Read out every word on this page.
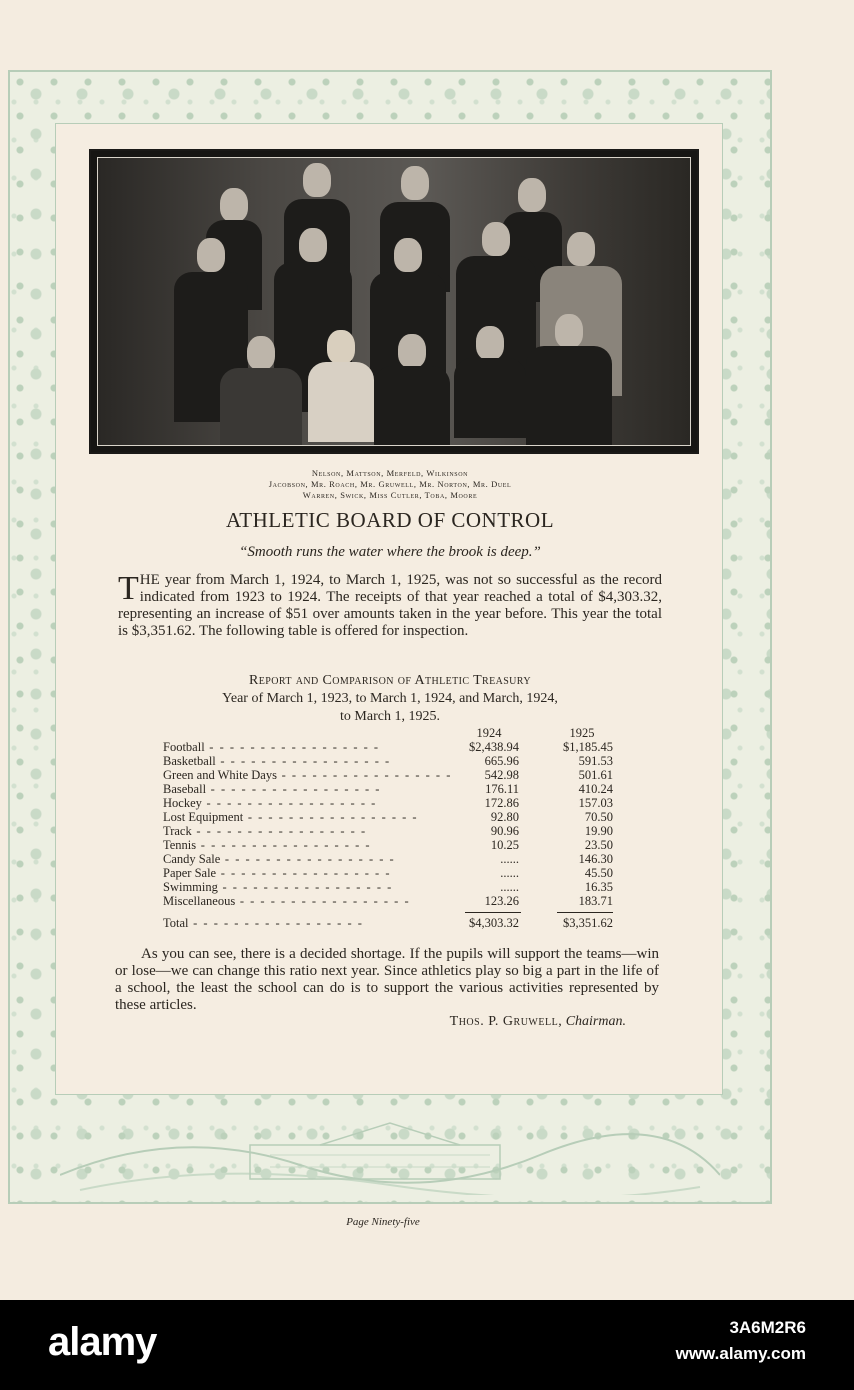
Nelson, Mattson, Merfeld, Wilkinson
Jacobson, Mr. Roach, Mr. Gruwell, Mr. Norton, Mr. Duel
Warren, Swick, Miss Cutler, Toba, Moore
ATHLETIC BOARD OF CONTROL
“Smooth runs the water where the brook is deep.”

THE year from March 1, 1924, to March 1, 1925, was not so successful as the record indicated from 1923 to 1924. The receipts of that year reached a total of $4,303.32, representing an increase of $51 over amounts taken in the year before. This year the total is $3,351.62. The following table is offered for inspection.

Report and Comparison of Athletic Treasury
Year of March 1, 1923, to March 1, 1924, and March, 1924,
to March 1, 1925.
1924	1925
Football - -	$2,438.94	$1,185.45
Basketball - -	665.96	591.53
Green and White Days - -	542.98	501.61
Baseball - -	176.11	410.24
Hockey - -	172.86	157.03
Lost Equipment - -	92.80	70.50
Track - -	90.96	19.90
Tennis - -	10.25	23.50
Candy Sale - -	......	146.30
Paper Sale - -	......	45.50
Swimming - -	......	16.35
Miscellaneous - -	123.26	183.71
Total - -	$4,303.32	$3,351.62

As you can see, there is a decided shortage. If the pupils will support the teams—win or lose—we can change this ratio next year. Since athletics play so big a part in the life of a school, the least the school can do is to support the various activities represented by these articles.

Thos. P. Gruwell, Chairman.
Page Ninety-five
alamy	3A6M2R6
www.alamy.com
